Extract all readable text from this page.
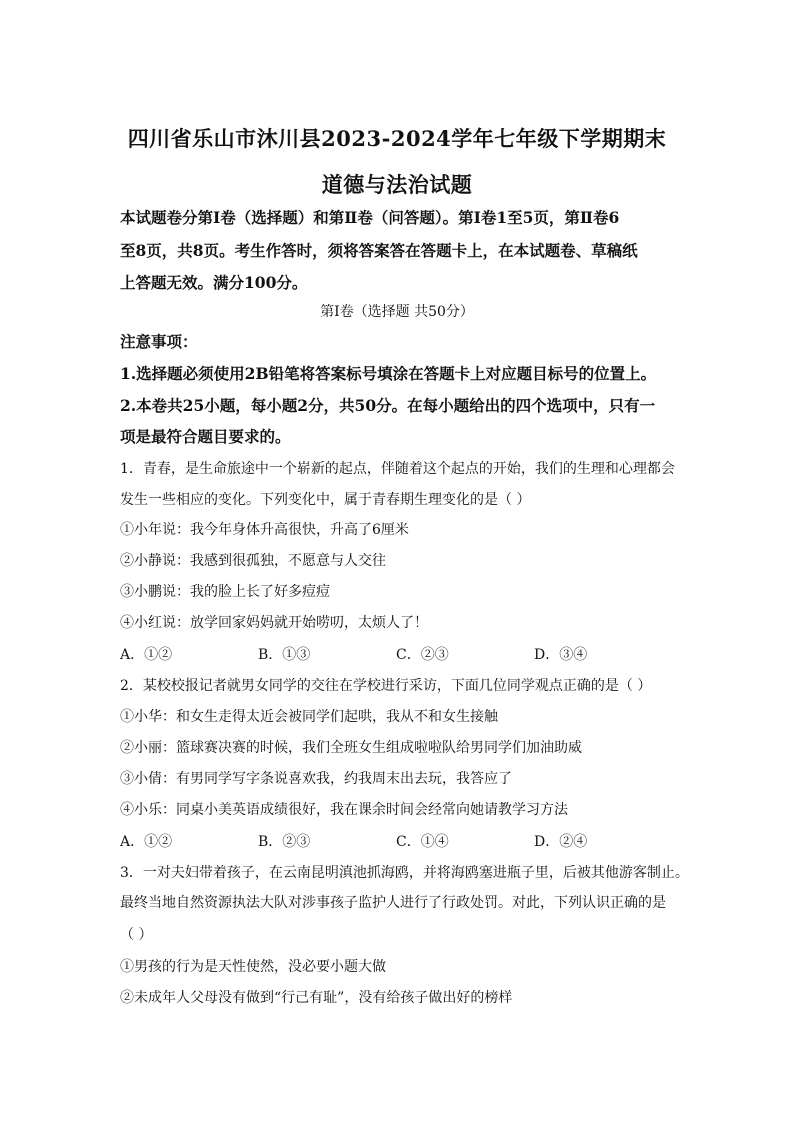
四川省乐山市沐川县2023-2024学年七年级下学期期末
道德与法治试题
本试题卷分第Ⅰ卷（选择题）和第Ⅱ卷（问答题）。第Ⅰ卷1至5页，第Ⅱ卷6
至8页，共8页。考生作答时，须将答案答在答题卡上，在本试题卷、草稿纸
上答题无效。满分100分。
第Ⅰ卷（选择题 共50分）
注意事项：
1.选择题必须使用2B铅笔将答案标号填涂在答题卡上对应题目标号的位置上。
2.本卷共25小题，每小题2分，共50分。在每小题给出的四个选项中，只有一
项是最符合题目要求的。
1．青春，是生命旅途中一个崭新的起点，伴随着这个起点的开始，我们的生理和心理都会
发生一些相应的变化。下列变化中，属于青春期生理变化的是（ ）
①小年说：我今年身体升高很快，升高了6厘米
②小静说：我感到很孤独，不愿意与人交往
③小鹏说：我的脸上长了好多痘痘
④小红说：放学回家妈妈就开始唠叨，太烦人了！
A．①②	B．①③	C．②③	D．③④
2．某校校报记者就男女同学的交往在学校进行采访，下面几位同学观点正确的是（ ）
①小华：和女生走得太近会被同学们起哄，我从不和女生接触
②小丽：篮球赛决赛的时候，我们全班女生组成啦啦队给男同学们加油助威
③小倩：有男同学写字条说喜欢我，约我周末出去玩，我答应了
④小乐：同桌小美英语成绩很好，我在课余时间会经常向她请教学习方法
A．①②	B．②③	C．①④	D．②④
3．一对夫妇带着孩子，在云南昆明滇池抓海鸥，并将海鸥塞进瓶子里，后被其他游客制止。
最终当地自然资源执法大队对涉事孩子监护人进行了行政处罚。对此，下列认识正确的是
（ ）
①男孩的行为是天性使然，没必要小题大做
②未成年人父母没有做到“行己有耻”，没有给孩子做出好的榜样
